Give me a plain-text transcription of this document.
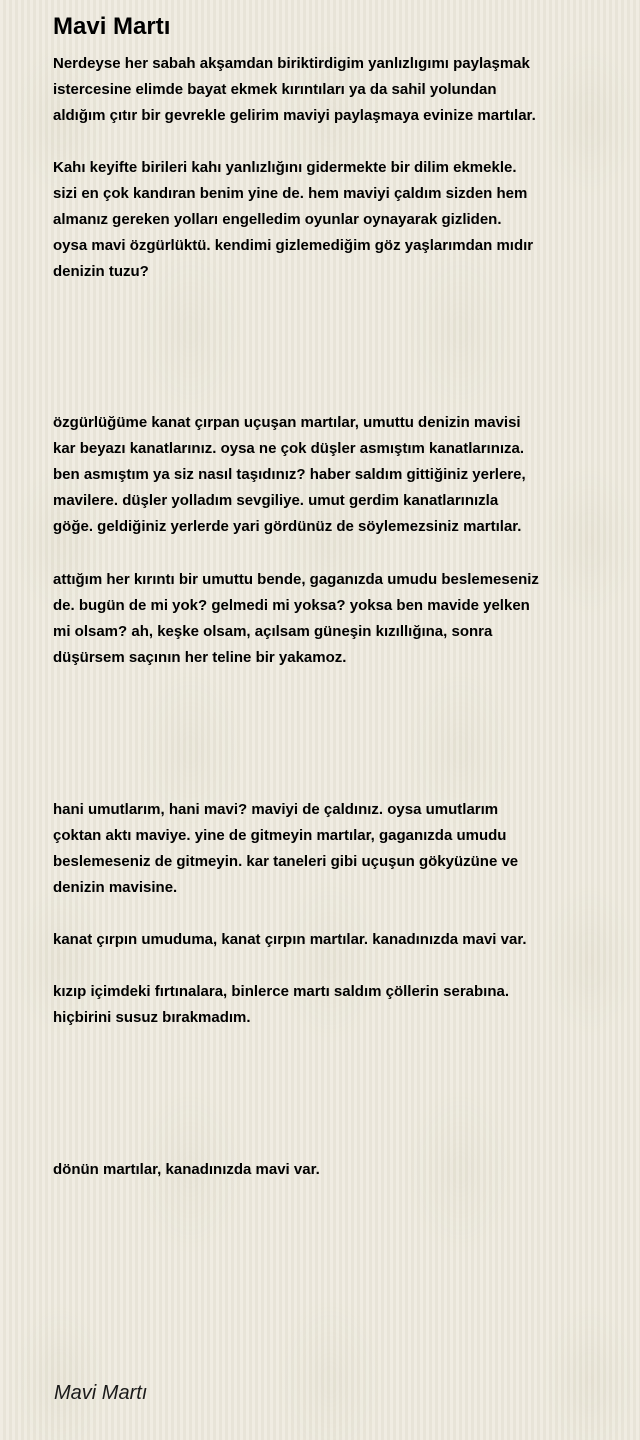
Mavi Martı

Nerdeyse her sabah akşamdan biriktirdigim yanlızlıgımı paylaşmak
istercesine elimde bayat ekmek kırıntıları ya da sahil yolundan
aldığım çıtır bir gevrekle gelirim maviyi paylaşmaya evinize martılar.

Kahı keyifte birileri kahı yanlızlığını gidermekte bir dilim ekmekle.
sizi en çok kandıran benim yine de. hem maviyi çaldım sizden hem
almanız gereken yolları engelledim oyunlar oynayarak gizliden.
oysa mavi özgürlüktü. kendimi gizlemediğim göz yaşlarımdan mıdır
denizin tuzu?

özgürlüğüme kanat çırpan uçuşan martılar, umuttu denizin mavisi
kar beyazı kanatlarınız. oysa ne çok düşler asmıştım kanatlarınıza.
ben asmıştım ya siz nasıl taşıdınız? haber saldım gittiğiniz yerlere,
mavilere. düşler yolladım sevgiliye. umut gerdim kanatlarınızla
göğe. geldiğiniz yerlerde yari gördünüz de söylemezsiniz martılar.

attığım her kırıntı bir umuttu bende, gaganızda umudu beslemeseniz
de. bugün de mi yok? gelmedi mi yoksa? yoksa ben mavide yelken
mi olsam? ah, keşke olsam, açılsam güneşin kızıllığına, sonra
düşürsem saçının her teline bir yakamoz.

hani umutlarım, hani mavi? maviyi de çaldınız. oysa umutlarım
çoktan aktı maviye. yine de gitmeyin martılar, gaganızda umudu
beslemeseniz de gitmeyin. kar taneleri gibi uçuşun gökyüzüne ve
denizin mavisine.

kanat çırpın umuduma, kanat çırpın martılar. kanadınızda mavi var.

kızıp içimdeki fırtınalara, binlerce martı saldım çöllerin serabına.
hiçbirini susuz bırakmadım.

dönün martılar, kanadınızda mavi var.

Mavi Martı
